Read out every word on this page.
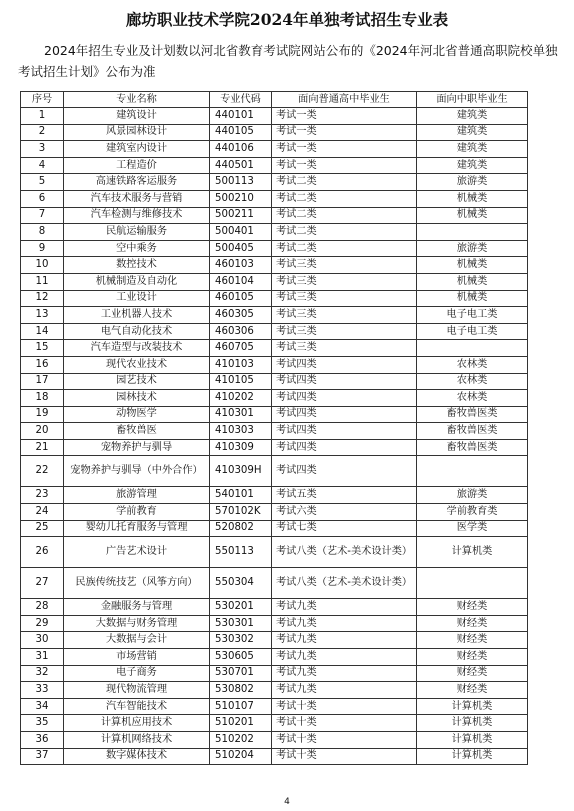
廊坊职业技术学院2024年单独考试招生专业表
2024年招生专业及计划数以河北省教育考试院网站公布的《2024年河北省普通高职院校单独考试招生计划》公布为准
序号	专业名称	专业代码	面向普通高中毕业生	面向中职毕业生
1	建筑设计	440101	考试一类	建筑类
2	风景园林设计	440105	考试一类	建筑类
3	建筑室内设计	440106	考试一类	建筑类
4	工程造价	440501	考试一类	建筑类
5	高速铁路客运服务	500113	考试二类	旅游类
6	汽车技术服务与营销	500210	考试二类	机械类
7	汽车检测与维修技术	500211	考试二类	机械类
8	民航运输服务	500401	考试二类	
9	空中乘务	500405	考试二类	旅游类
10	数控技术	460103	考试三类	机械类
11	机械制造及自动化	460104	考试三类	机械类
12	工业设计	460105	考试三类	机械类
13	工业机器人技术	460305	考试三类	电子电工类
14	电气自动化技术	460306	考试三类	电子电工类
15	汽车造型与改装技术	460705	考试三类	
16	现代农业技术	410103	考试四类	农林类
17	园艺技术	410105	考试四类	农林类
18	园林技术	410202	考试四类	农林类
19	动物医学	410301	考试四类	畜牧兽医类
20	畜牧兽医	410303	考试四类	畜牧兽医类
21	宠物养护与驯导	410309	考试四类	畜牧兽医类
22	宠物养护与驯导（中外合作）	410309H	考试四类	
23	旅游管理	540101	考试五类	旅游类
24	学前教育	570102K	考试六类	学前教育类
25	婴幼儿托育服务与管理	520802	考试七类	医学类
26	广告艺术设计	550113	考试八类（艺术-美术设计类）	计算机类
27	民族传统技艺（风筝方向）	550304	考试八类（艺术-美术设计类）	
28	金融服务与管理	530201	考试九类	财经类
29	大数据与财务管理	530301	考试九类	财经类
30	大数据与会计	530302	考试九类	财经类
31	市场营销	530605	考试九类	财经类
32	电子商务	530701	考试九类	财经类
33	现代物流管理	530802	考试九类	财经类
34	汽车智能技术	510107	考试十类	计算机类
35	计算机应用技术	510201	考试十类	计算机类
36	计算机网络技术	510202	考试十类	计算机类
37	数字媒体技术	510204	考试十类	计算机类
4
